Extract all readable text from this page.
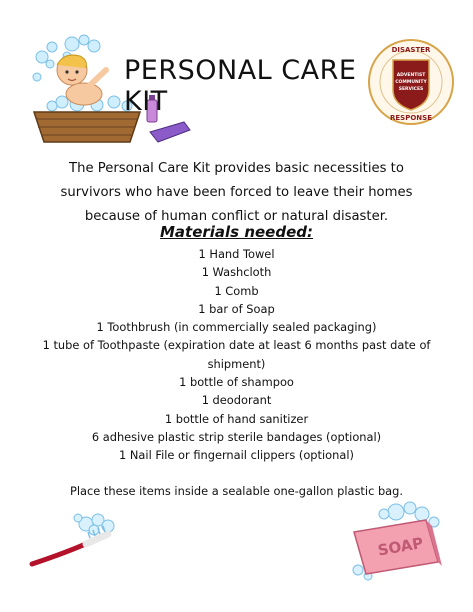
PERSONAL CARE KIT
DISASTER
RESPONSE
ADVENTIST
COMMUNITY
SERVICES
The Personal Care Kit provides basic necessities to survivors who have been forced to leave their homes because of human conflict or natural disaster.
Materials needed:
1 Hand Towel
1 Washcloth
1 Comb
1 bar of Soap
1 Toothbrush (in commercially sealed packaging)
1 tube of Toothpaste (expiration date at least 6 months past date of shipment)
1 bottle of shampoo
1 deodorant
1 bottle of hand sanitizer
6 adhesive plastic strip sterile bandages (optional)
1 Nail File or fingernail clippers (optional)
Place these items inside a sealable one-gallon plastic bag.
SOAP
